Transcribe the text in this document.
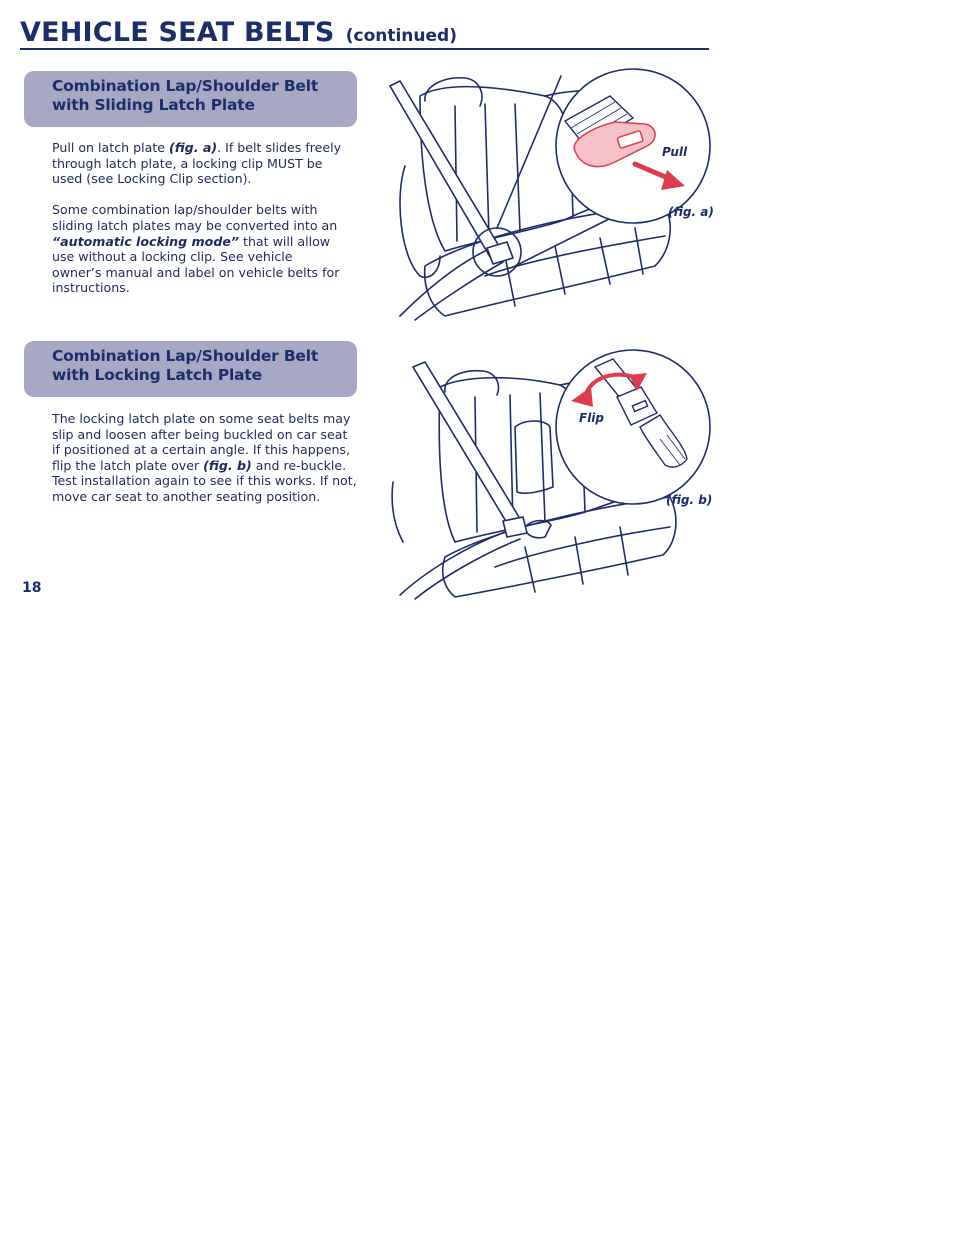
VEHICLE SEAT BELTS (continued)
Combination Lap/Shoulder Belt
with Sliding Latch Plate

Pull on latch plate (fig. a). If belt slides freely through latch plate, a locking clip MUST be used (see Locking Clip section).

Some combination lap/shoulder belts with sliding latch plates may be converted into an “automatic locking mode” that will allow use without a locking clip. See vehicle owner’s manual and label on vehicle belts for instructions.

Pull
(fig. a)
Combination Lap/Shoulder Belt
with Locking Latch Plate

The locking latch plate on some seat belts may slip and loosen after being buckled on car seat if positioned at a certain angle. If this happens, flip the latch plate over (fig. b) and re-buckle. Test installation again to see if this works. If not, move car seat to another seating position.

Flip
(fig. b)
18
